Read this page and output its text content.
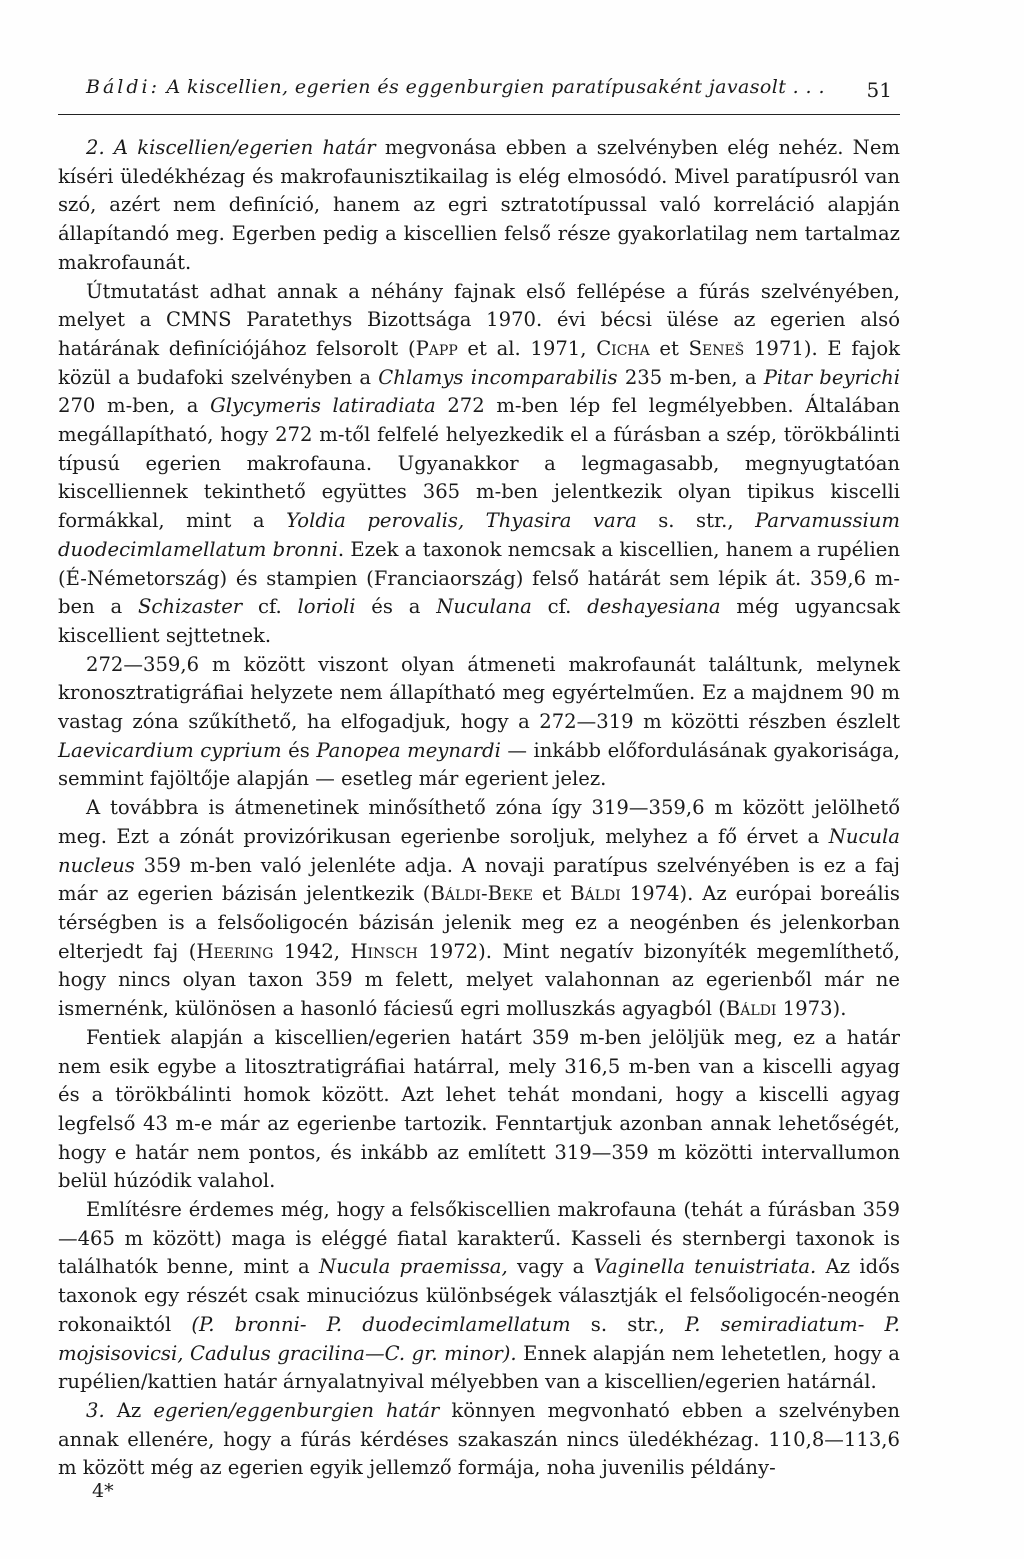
Báldi: A kiscellien, egerien és eggenburgien paratípusaként javasolt . . . 51

2. A kiscellien/egerien határ megvonása ebben a szelvényben elég nehéz. Nem kíséri üledékhézag és makrofaunisztikailag is elég elmosódó. Mivel paratípusról van szó, azért nem definíció, hanem az egri sztratotípussal való korreláció alapján állapítandó meg. Egerben pedig a kiscellien felső része gyakorlatilag nem tartalmaz makrofaunát.

Útmutatást adhat annak a néhány fajnak első fellépése a fúrás szelvényében, melyet a CMNS Paratethys Bizottsága 1970. évi bécsi ülése az egerien alsó határának definíciójához felsorolt (Papp et al. 1971, Cicha et Seneš 1971). E fajok közül a budafoki szelvényben a Chlamys incomparabilis 235 m-ben, a Pitar beyrichi 270 m-ben, a Glycymeris latiradiata 272 m-ben lép fel legmélyebben. Általában megállapítható, hogy 272 m-től felfelé helyezkedik el a fúrásban a szép, törökbálinti típusú egerien makrofauna. Ugyanakkor a legmagasabb, megnyugtatóan kiscelliennek tekinthető együttes 365 m-ben jelentkezik olyan tipikus kiscelli formákkal, mint a Yoldia perovalis, Thyasira vara s. str., Parvamussium duodecimlamellatum bronni. Ezek a taxonok nemcsak a kiscellien, hanem a rupélien (É-Németország) és stampien (Franciaország) felső határát sem lépik át. 359,6 m-ben a Schizaster cf. lorioli és a Nuculana cf. deshayesiana még ugyancsak kiscellient sejttetnek.

272—359,6 m között viszont olyan átmeneti makrofaunát találtunk, melynek kronosztratigráfiai helyzete nem állapítható meg egyértelműen. Ez a majdnem 90 m vastag zóna szűkíthető, ha elfogadjuk, hogy a 272—319 m közötti részben észlelt Laevicardium cyprium és Panopea meynardi — inkább előfordulásának gyakorisága, semmint fajöltője alapján — esetleg már egerient jelez.

A továbbra is átmenetinek minősíthető zóna így 319—359,6 m között jelölhető meg. Ezt a zónát provizórikusan egerienbe soroljuk, melyhez a fő érvet a Nucula nucleus 359 m-ben való jelenléte adja. A novaji paratípus szelvényében is ez a faj már az egerien bázisán jelentkezik (Báldi-Beke et Báldi 1974). Az európai boreális térségben is a felsőoligocén bázisán jelenik meg ez a neogénben és jelenkorban elterjedt faj (Heering 1942, Hinsch 1972). Mint negatív bizonyíték megemlíthető, hogy nincs olyan taxon 359 m felett, melyet valahonnan az egerienből már ne ismernénk, különösen a hasonló fáciesű egri molluszkás agyagból (Báldi 1973).

Fentiek alapján a kiscellien/egerien határt 359 m-ben jelöljük meg, ez a határ nem esik egybe a litosztratigráfiai határral, mely 316,5 m-ben van a kiscelli agyag és a törökbálinti homok között. Azt lehet tehát mondani, hogy a kiscelli agyag legfelső 43 m-e már az egerienbe tartozik. Fenntartjuk azonban annak lehetőségét, hogy e határ nem pontos, és inkább az említett 319—359 m közötti intervallumon belül húzódik valahol.

Említésre érdemes még, hogy a felsőkiscellien makrofauna (tehát a fúrásban 359—465 m között) maga is eléggé fiatal karakterű. Kasseli és sternbergi taxonok is találhatók benne, mint a Nucula praemissa, vagy a Vaginella tenuistriata. Az idős taxonok egy részét csak minuciózus különbségek választják el felsőoligocén-neogén rokonaiktól (P. bronni- P. duodecimlamellatum s. str., P. semiradiatum- P. mojsisovicsi, Cadulus gracilina—C. gr. minor). Ennek alapján nem lehetetlen, hogy a rupélien/kattien határ árnyalatnyival mélyebben van a kiscellien/egerien határnál.

3. Az egerien/eggenburgien határ könnyen megvonható ebben a szelvényben annak ellenére, hogy a fúrás kérdéses szakaszán nincs üledékhézag. 110,8—113,6 m között még az egerien egyik jellemző formája, noha juvenilis példány-

4*
